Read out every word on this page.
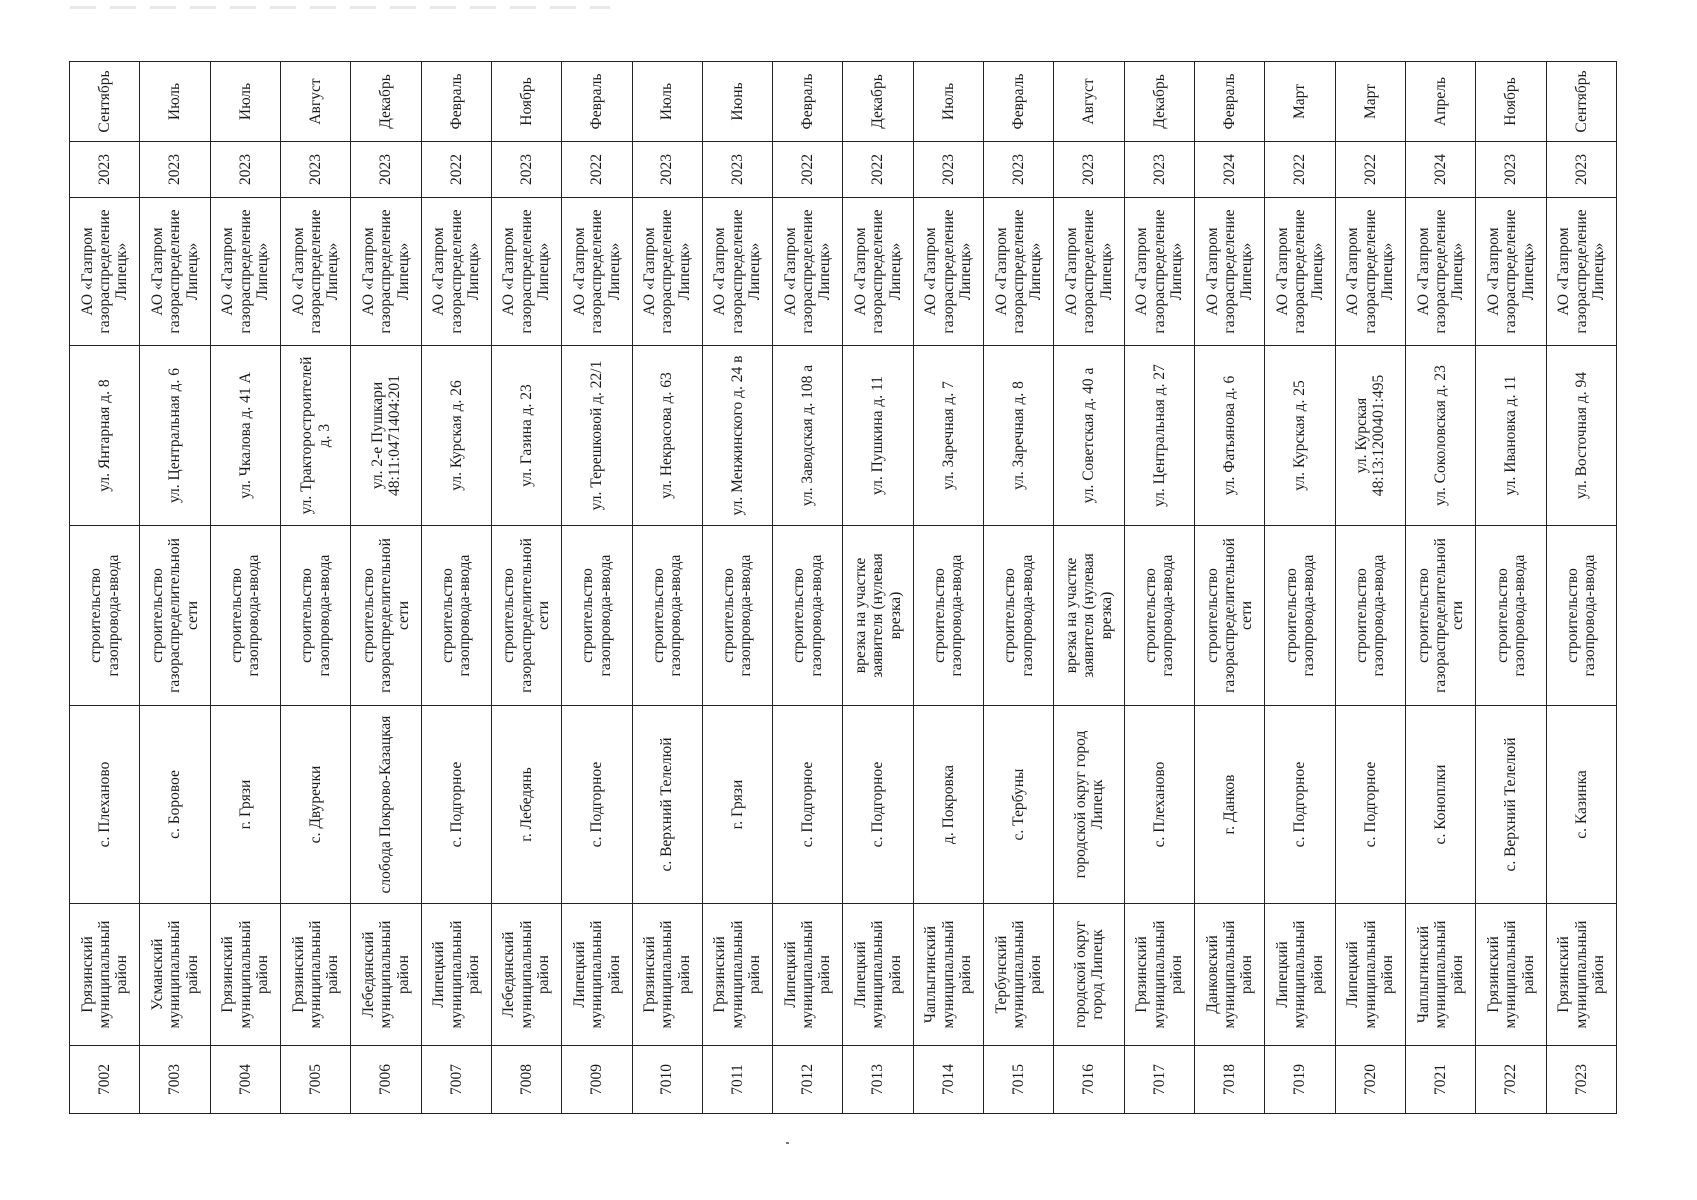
7002	Грязинский муниципальный район	с. Плеханово	строительство газопровода-ввода	ул. Янтарная д. 8	АО «Газпром газораспределение Липецк»	2023	Сентябрь
7003	Усманский муниципальный район	с. Боровое	строительство газораспределительной сети	ул. Центральная д. 6	АО «Газпром газораспределение Липецк»	2023	Июль
7004	Грязинский муниципальный район	г. Грязи	строительство газопровода-ввода	ул. Чкалова д. 41 А	АО «Газпром газораспределение Липецк»	2023	Июль
7005	Грязинский муниципальный район	с. Двуречки	строительство газопровода-ввода	ул. Тракторостроителей д. 3	АО «Газпром газораспределение Липецк»	2023	Август
7006	Лебедянский муниципальный район	слобода Покрово-Казацкая	строительство газораспределительной сети	ул. 2-е Пушкари 48:11:0471404:201	АО «Газпром газораспределение Липецк»	2023	Декабрь
7007	Липецкий муниципальный район	с. Подгорное	строительство газопровода-ввода	ул. Курская д. 26	АО «Газпром газораспределение Липецк»	2022	Февраль
7008	Лебедянский муниципальный район	г. Лебедянь	строительство газораспределительной сети	ул. Газина д. 23	АО «Газпром газораспределение Липецк»	2023	Ноябрь
7009	Липецкий муниципальный район	с. Подгорное	строительство газопровода-ввода	ул. Терешковой д. 22/1	АО «Газпром газораспределение Липецк»	2022	Февраль
7010	Грязинский муниципальный район	с. Верхний Телелюй	строительство газопровода-ввода	ул. Некрасова д. 63	АО «Газпром газораспределение Липецк»	2023	Июль
7011	Грязинский муниципальный район	г. Грязи	строительство газопровода-ввода	ул. Менжинского д. 24 в	АО «Газпром газораспределение Липецк»	2023	Июнь
7012	Липецкий муниципальный район	с. Подгорное	строительство газопровода-ввода	ул. Заводская д. 108 а	АО «Газпром газораспределение Липецк»	2022	Февраль
7013	Липецкий муниципальный район	с. Подгорное	врезка на участке заявителя (нулевая врезка)	ул. Пушкина д. 11	АО «Газпром газораспределение Липецк»	2022	Декабрь
7014	Чаплыгинский муниципальный район	д. Покровка	строительство газопровода-ввода	ул. Заречная д. 7	АО «Газпром газораспределение Липецк»	2023	Июль
7015	Тербунский муниципальный район	с. Тербуны	строительство газопровода-ввода	ул. Заречная д. 8	АО «Газпром газораспределение Липецк»	2023	Февраль
7016	городской округ город Липецк	городской округ город Липецк	врезка на участке заявителя (нулевая врезка)	ул. Советская д. 40 а	АО «Газпром газораспределение Липецк»	2023	Август
7017	Грязинский муниципальный район	с. Плеханово	строительство газопровода-ввода	ул. Центральная д. 27	АО «Газпром газораспределение Липецк»	2023	Декабрь
7018	Данковский муниципальный район	г. Данков	строительство газораспределительной сети	ул. Фатьянова д. 6	АО «Газпром газораспределение Липецк»	2024	Февраль
7019	Липецкий муниципальный район	с. Подгорное	строительство газопровода-ввода	ул. Курская д. 25	АО «Газпром газораспределение Липецк»	2022	Март
7020	Липецкий муниципальный район	с. Подгорное	строительство газопровода-ввода	ул. Курская 48:13:1200401:495	АО «Газпром газораспределение Липецк»	2022	Март
7021	Чаплыгинский муниципальный район	с. Коноплки	строительство газораспределительной сети	ул. Соколовская д. 23	АО «Газпром газораспределение Липецк»	2024	Апрель
7022	Грязинский муниципальный район	с. Верхний Телелюй	строительство газопровода-ввода	ул. Ивановка д. 11	АО «Газпром газораспределение Липецк»	2023	Ноябрь
7023	Грязинский муниципальный район	с. Казинка	строительство газопровода-ввода	ул. Восточная д. 94	АО «Газпром газораспределение Липецк»	2023	Сентябрь
